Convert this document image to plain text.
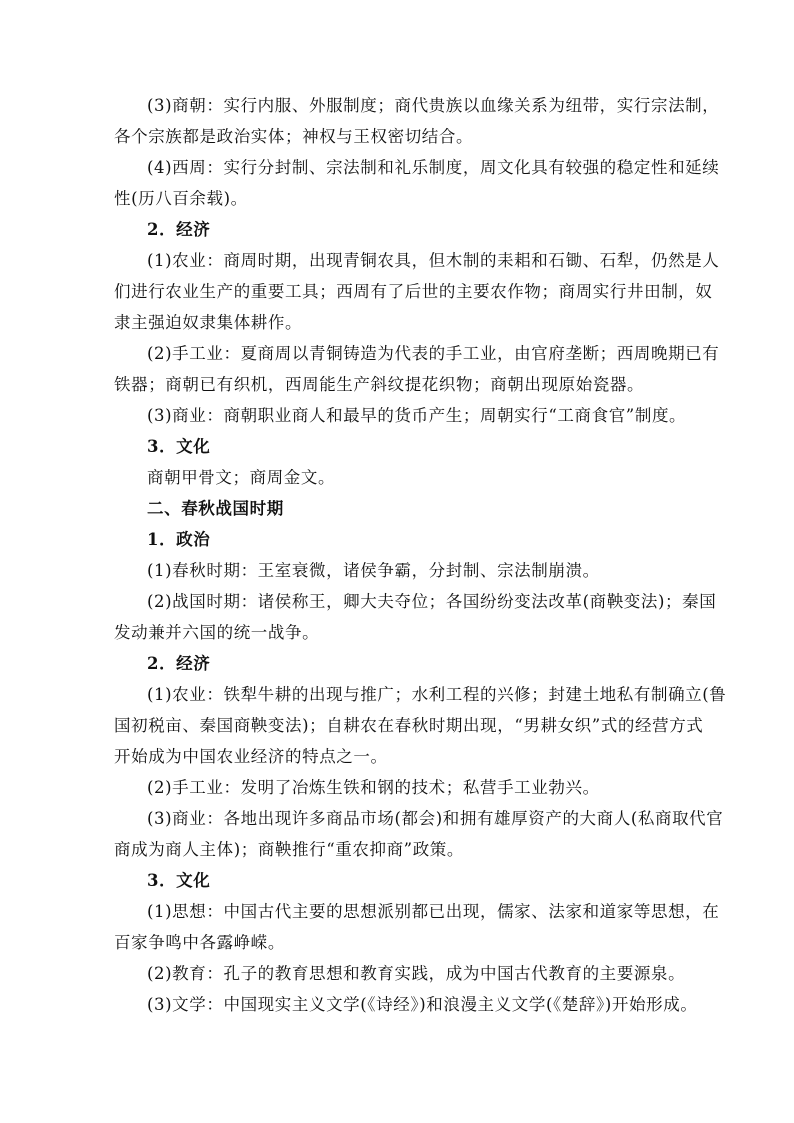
(3)商朝：实行内服、外服制度；商代贵族以血缘关系为纽带，实行宗法制，
各个宗族都是政治实体；神权与王权密切结合。
(4)西周：实行分封制、宗法制和礼乐制度，周文化具有较强的稳定性和延续
性(历八百余载)。
2．经济
(1)农业：商周时期，出现青铜农具，但木制的耒耜和石锄、石犁，仍然是人
们进行农业生产的重要工具；西周有了后世的主要农作物；商周实行井田制，奴
隶主强迫奴隶集体耕作。
(2)手工业：夏商周以青铜铸造为代表的手工业，由官府垄断；西周晚期已有
铁器；商朝已有织机，西周能生产斜纹提花织物；商朝出现原始瓷器。
(3)商业：商朝职业商人和最早的货币产生；周朝实行“工商食官”制度。
3．文化
商朝甲骨文；商周金文。
二、春秋战国时期
1．政治
(1)春秋时期：王室衰微，诸侯争霸，分封制、宗法制崩溃。
(2)战国时期：诸侯称王，卿大夫夺位；各国纷纷变法改革(商鞅变法)；秦国
发动兼并六国的统一战争。
2．经济
(1)农业：铁犁牛耕的出现与推广；水利工程的兴修；封建土地私有制确立(鲁
国初税亩、秦国商鞅变法)；自耕农在春秋时期出现，“男耕女织”式的经营方式
开始成为中国农业经济的特点之一。
(2)手工业：发明了冶炼生铁和钢的技术；私营手工业勃兴。
(3)商业：各地出现许多商品市场(都会)和拥有雄厚资产的大商人(私商取代官
商成为商人主体)；商鞅推行“重农抑商”政策。
3．文化
(1)思想：中国古代主要的思想派别都已出现，儒家、法家和道家等思想，在
百家争鸣中各露峥嵘。
(2)教育：孔子的教育思想和教育实践，成为中国古代教育的主要源泉。
(3)文学：中国现实主义文学(《诗经》)和浪漫主义文学(《楚辞》)开始形成。
